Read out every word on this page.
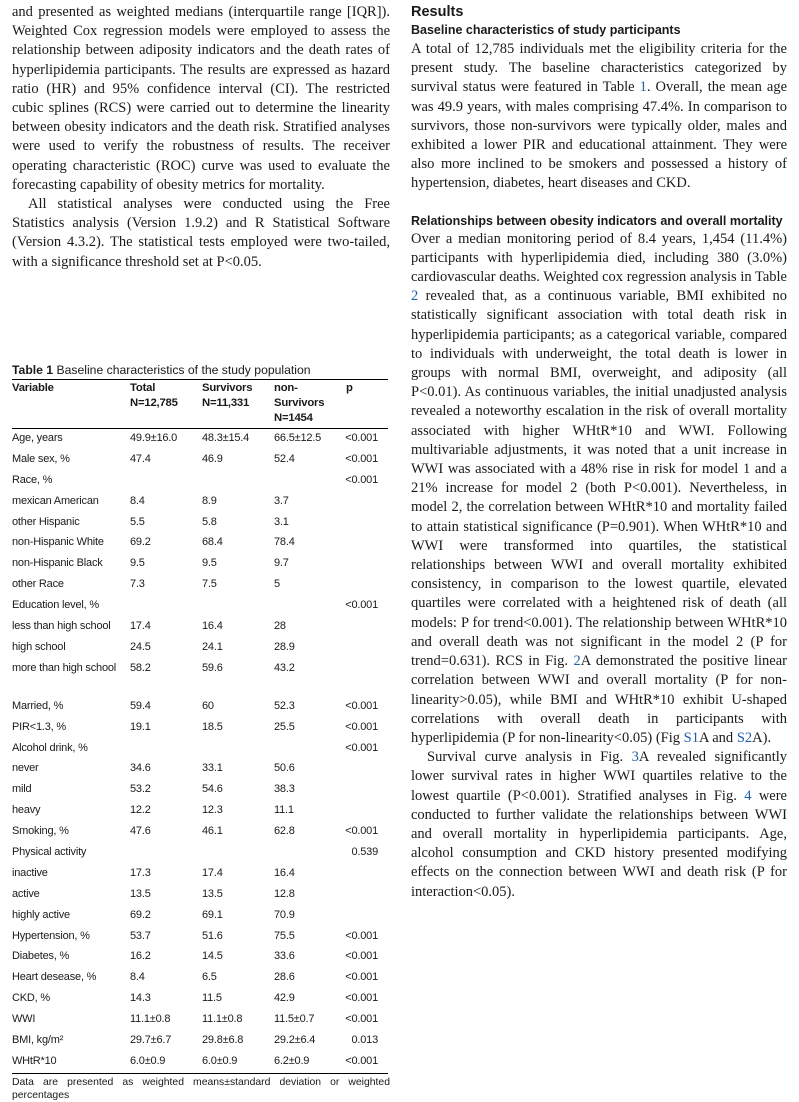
and presented as weighted medians (interquartile range [IQR]). Weighted Cox regression models were employed to assess the relationship between adiposity indicators and the death rates of hyperlipidemia participants. The results are expressed as hazard ratio (HR) and 95% confidence interval (CI). The restricted cubic splines (RCS) were carried out to determine the linearity between obesity indicators and the death risk. Stratified analyses were used to verify the robustness of results. The receiver operating characteristic (ROC) curve was used to evaluate the forecasting capability of obesity metrics for mortality.

All statistical analyses were conducted using the Free Statistics analysis (Version 1.9.2) and R Statistical Software (Version 4.3.2). The statistical tests employed were two-tailed, with a significance threshold set at P<0.05.

Table 1 Baseline characteristics of the study population

Variable	Total N=12,785	Survivors N=11,331	non-Survivors N=1454	p
Age, years	49.9±16.0	48.3±15.4	66.5±12.5	<0.001
Male sex, %	47.4	46.9	52.4	<0.001
Race, %				<0.001
mexican American	8.4	8.9	3.7	
other Hispanic	5.5	5.8	3.1	
non-Hispanic White	69.2	68.4	78.4	
non-Hispanic Black	9.5	9.5	9.7	
other Race	7.3	7.5	5	
Education level, %				<0.001
less than high school	17.4	16.4	28	
high school	24.5	24.1	28.9	
more than high school	58.2	59.6	43.2	
Married, %	59.4	60	52.3	<0.001
PIR<1.3, %	19.1	18.5	25.5	<0.001
Alcohol drink, %				<0.001
never	34.6	33.1	50.6	
mild	53.2	54.6	38.3	
heavy	12.2	12.3	11.1	
Smoking, %	47.6	46.1	62.8	<0.001
Physical activity				0.539
inactive	17.3	17.4	16.4	
active	13.5	13.5	12.8	
highly active	69.2	69.1	70.9	
Hypertension, %	53.7	51.6	75.5	<0.001
Diabetes, %	16.2	14.5	33.6	<0.001
Heart desease, %	8.4	6.5	28.6	<0.001
CKD, %	14.3	11.5	42.9	<0.001
WWI	11.1±0.8	11.1±0.8	11.5±0.7	<0.001
BMI, kg/m²	29.7±6.7	29.8±6.8	29.2±6.4	0.013
WHtR*10	6.0±0.9	6.0±0.9	6.2±0.9	<0.001
Data are presented as weighted means±standard deviation or weighted percentages

Results

Baseline characteristics of study participants

A total of 12,785 individuals met the eligibility criteria for the present study. The baseline characteristics categorized by survival status were featured in Table 1. Overall, the mean age was 49.9 years, with males comprising 47.4%. In comparison to survivors, those non-survivors were typically older, males and exhibited a lower PIR and educational attainment. They were also more inclined to be smokers and possessed a history of hypertension, diabetes, heart diseases and CKD.

Relationships between obesity indicators and overall mortality

Over a median monitoring period of 8.4 years, 1,454 (11.4%) participants with hyperlipidemia died, including 380 (3.0%) cardiovascular deaths. Weighted cox regression analysis in Table 2 revealed that, as a continuous variable, BMI exhibited no statistically significant association with total death risk in hyperlipidemia participants; as a categorical variable, compared to individuals with underweight, the total death is lower in groups with normal BMI, overweight, and adiposity (all P<0.01). As continuous variables, the initial unadjusted analysis revealed a noteworthy escalation in the risk of overall mortality associated with higher WHtR*10 and WWI. Following multivariable adjustments, it was noted that a unit increase in WWI was associated with a 48% rise in risk for model 1 and a 21% increase for model 2 (both P<0.001). Nevertheless, in model 2, the correlation between WHtR*10 and mortality failed to attain statistical significance (P=0.901). When WHtR*10 and WWI were transformed into quartiles, the statistical relationships between WWI and overall mortality exhibited consistency, in comparison to the lowest quartile, elevated quartiles were correlated with a heightened risk of death (all models: P for trend<0.001). The relationship between WHtR*10 and overall death was not significant in the model 2 (P for trend=0.631). RCS in Fig. 2A demonstrated the positive linear correlation between WWI and overall mortality (P for non-linearity>0.05), while BMI and WHtR*10 exhibit U-shaped correlations with overall death in participants with hyperlipidemia (P for non-linearity<0.05) (Fig S1A and S2A).

Survival curve analysis in Fig. 3A revealed significantly lower survival rates in higher WWI quartiles relative to the lowest quartile (P<0.001). Stratified analyses in Fig. 4 were conducted to further validate the relationships between WWI and overall mortality in hyperlipidemia participants. Age, alcohol consumption and CKD history presented modifying effects on the connection between WWI and death risk (P for interaction<0.05).
